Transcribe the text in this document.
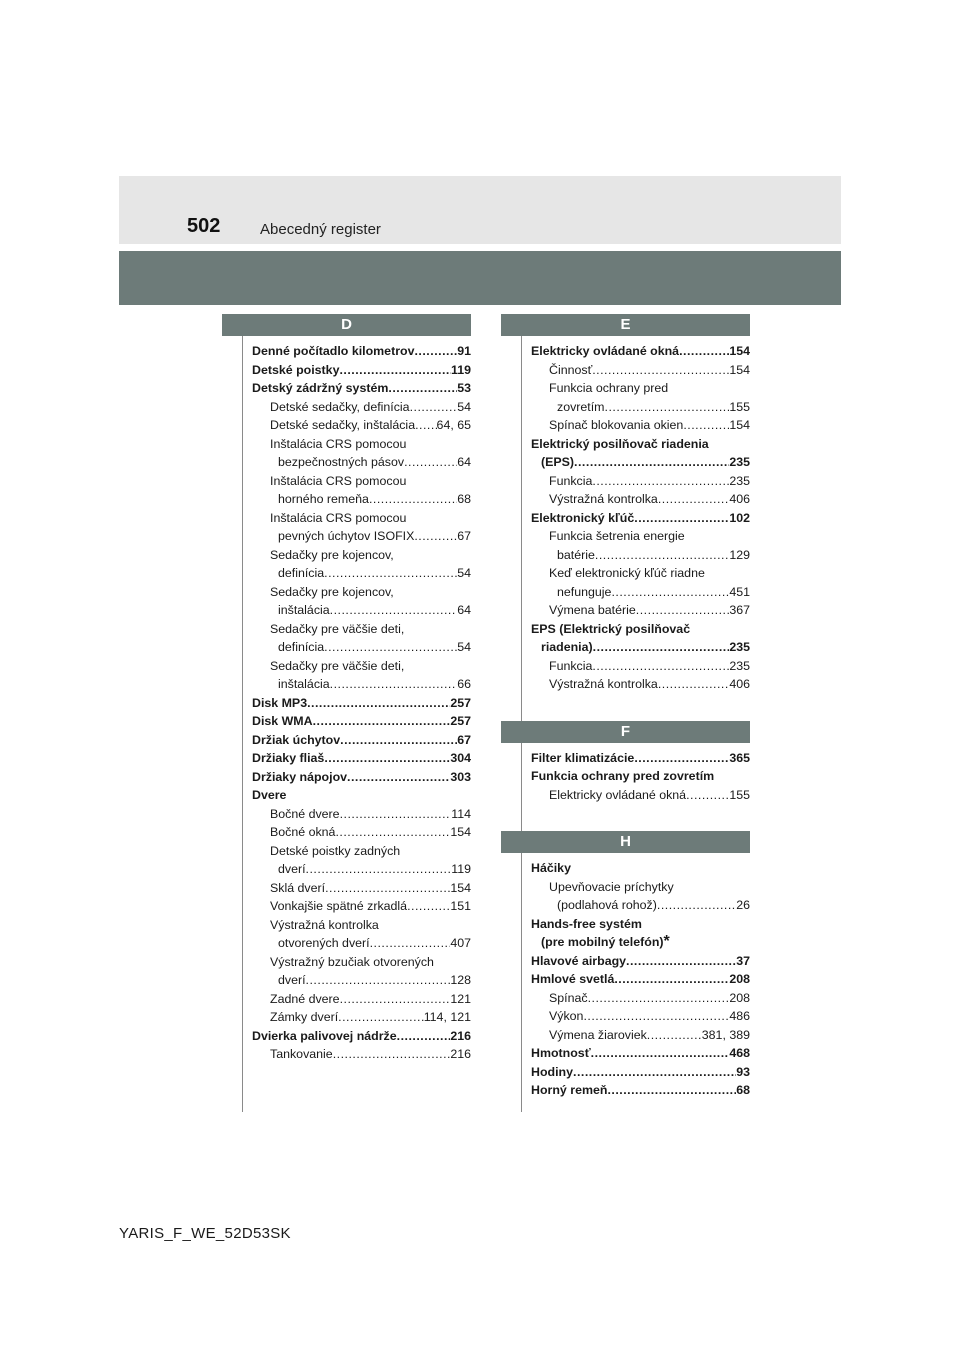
502	Abecedný register
D
Denné počítadlo kilometrov .....	91
Detské poistky .....	119
Detský zádržný systém .....	53
Detské sedačky, definícia .....	54
Detské sedačky, inštalácia ..... 64, 65
Inštalácia CRS pomocou
bezpečnostných pásov .....	64
Inštalácia CRS pomocou
horného remeňa .....	68
Inštalácia CRS pomocou
pevných úchytov ISOFIX .....	67
Sedačky pre kojencov,
definícia .....	54
Sedačky pre kojencov,
inštalácia .....	64
Sedačky pre väčšie deti,
definícia .....	54
Sedačky pre väčšie deti,
inštalácia .....	66
Disk MP3 .....	257
Disk WMA .....	257
Držiak úchytov .....	67
Držiaky fliaš .....	304
Držiaky nápojov .....	303
Dvere
Bočné dvere .....	114
Bočné okná .....	154
Detské poistky zadných
dverí .....	119
Sklá dverí .....	154
Vonkajšie spätné zrkadlá .....	151
Výstražná kontrolka
otvorených dverí .....	407
Výstražný bzučiak otvorených
dverí .....	128
Zadné dvere .....	121
Zámky dverí .....	114, 121
Dvierka palivovej nádrže .....	216
Tankovanie .....	216
E
Elektricky ovládané okná .....	154
Činnosť .....	154
Funkcia ochrany pred
zovretím .....	155
Spínač blokovania okien .....	154
Elektrický posilňovač riadenia
(EPS) .....	235
Funkcia .....	235
Výstražná kontrolka .....	406
Elektronický kľúč .....	102
Funkcia šetrenia energie
batérie .....	129
Keď elektronický kľúč riadne
nefunguje .....	451
Výmena batérie .....	367
EPS (Elektrický posilňovač
riadenia) .....	235
Funkcia .....	235
Výstražná kontrolka .....	406
F
Filter klimatizácie .....	365
Funkcia ochrany pred zovretím
Elektricky ovládané okná .....	155
H
Háčiky
Upevňovacie príchytky
(podlahová rohož) .....	26
Hands-free systém
(pre mobilný telefón) *
Hlavové airbagy .....	37
Hmlové svetlá .....	208
Spínač .....	208
Výkon .....	486
Výmena žiaroviek .....	381, 389
Hmotnosť .....	468
Hodiny .....	93
Horný remeň .....	68
YARIS_F_WE_52D53SK
